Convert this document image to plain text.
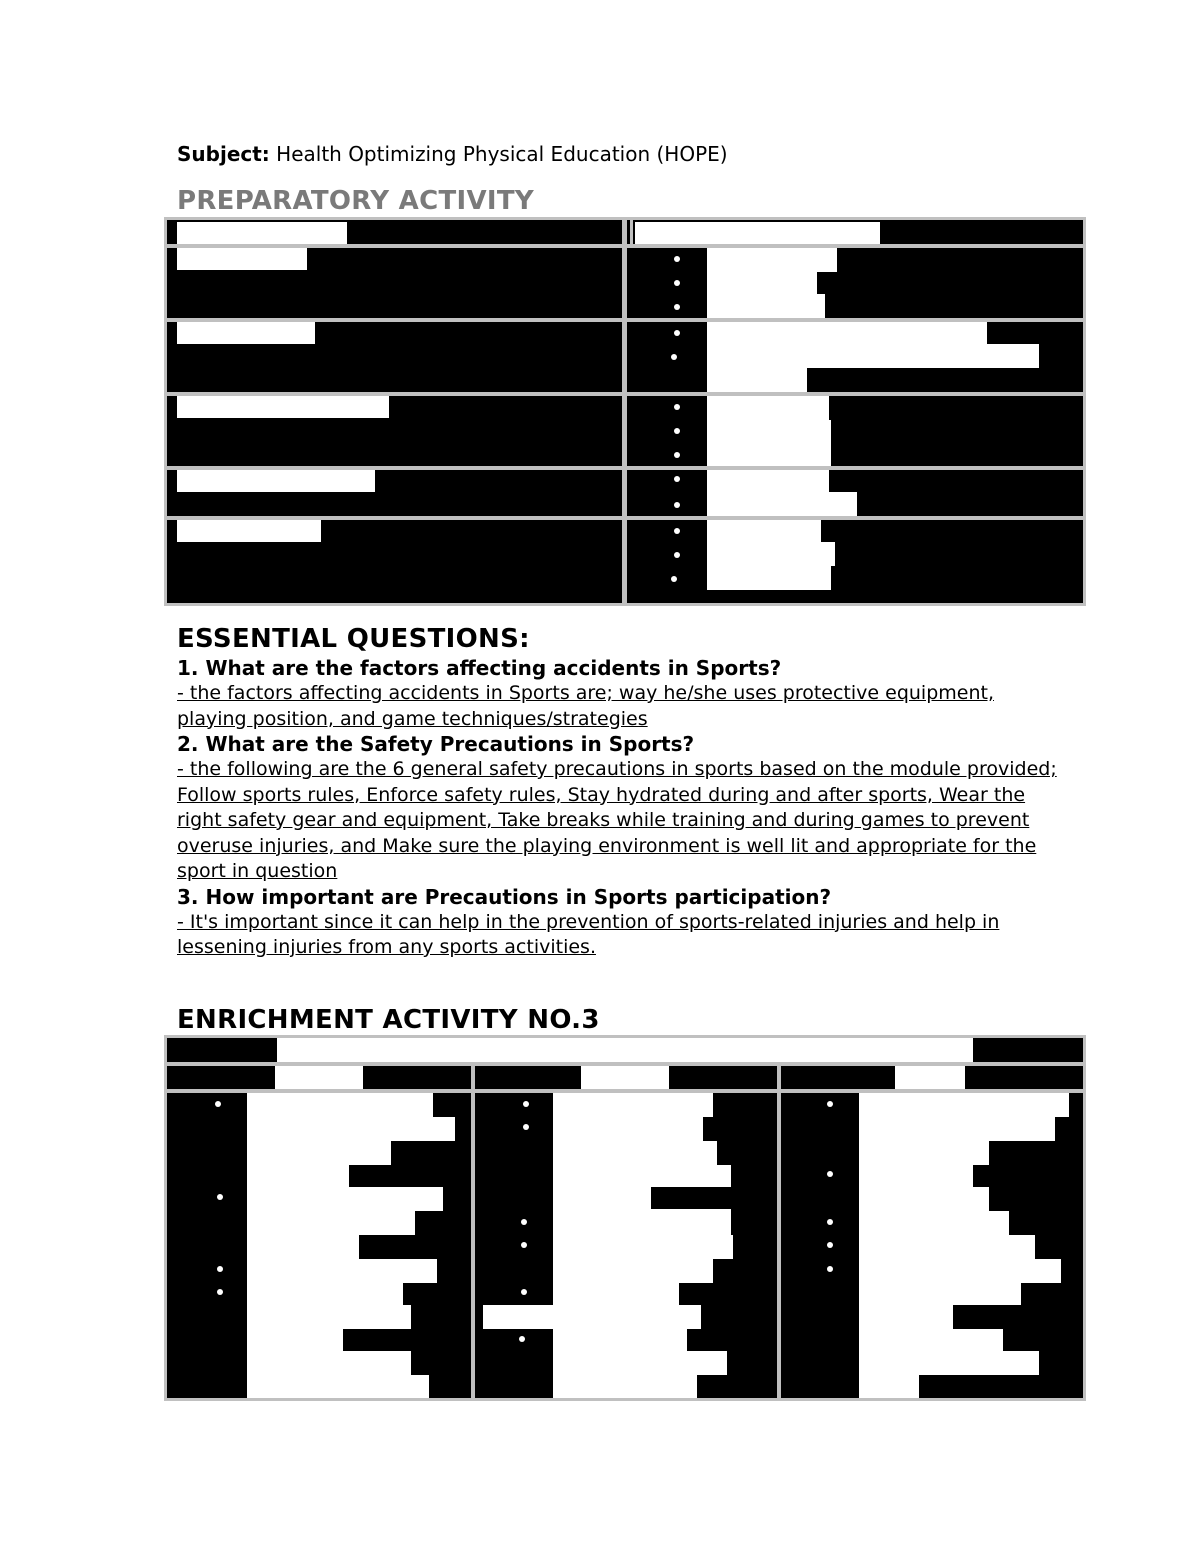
Subject: Health Optimizing Physical Education (HOPE)
PREPARATORY ACTIVITY
ESSENTIAL QUESTIONS:

1. What are the factors affecting accidents in Sports?

- the factors affecting accidents in Sports are; way he/she uses protective equipment, playing position, and game techniques/strategies

2. What are the Safety Precautions in Sports?

- the following are the 6 general safety precautions in sports based on the module provided; Follow sports rules, Enforce safety rules, Stay hydrated during and after sports, Wear the right safety gear and equipment, Take breaks while training and during games to prevent overuse injuries, and Make sure the playing environment is well lit and appropriate for the sport in question

3. How important are Precautions in Sports participation?

- It's important since it can help in the prevention of sports-related injuries and help in lessening injuries from any sports activities.

ENRICHMENT ACTIVITY NO.3
